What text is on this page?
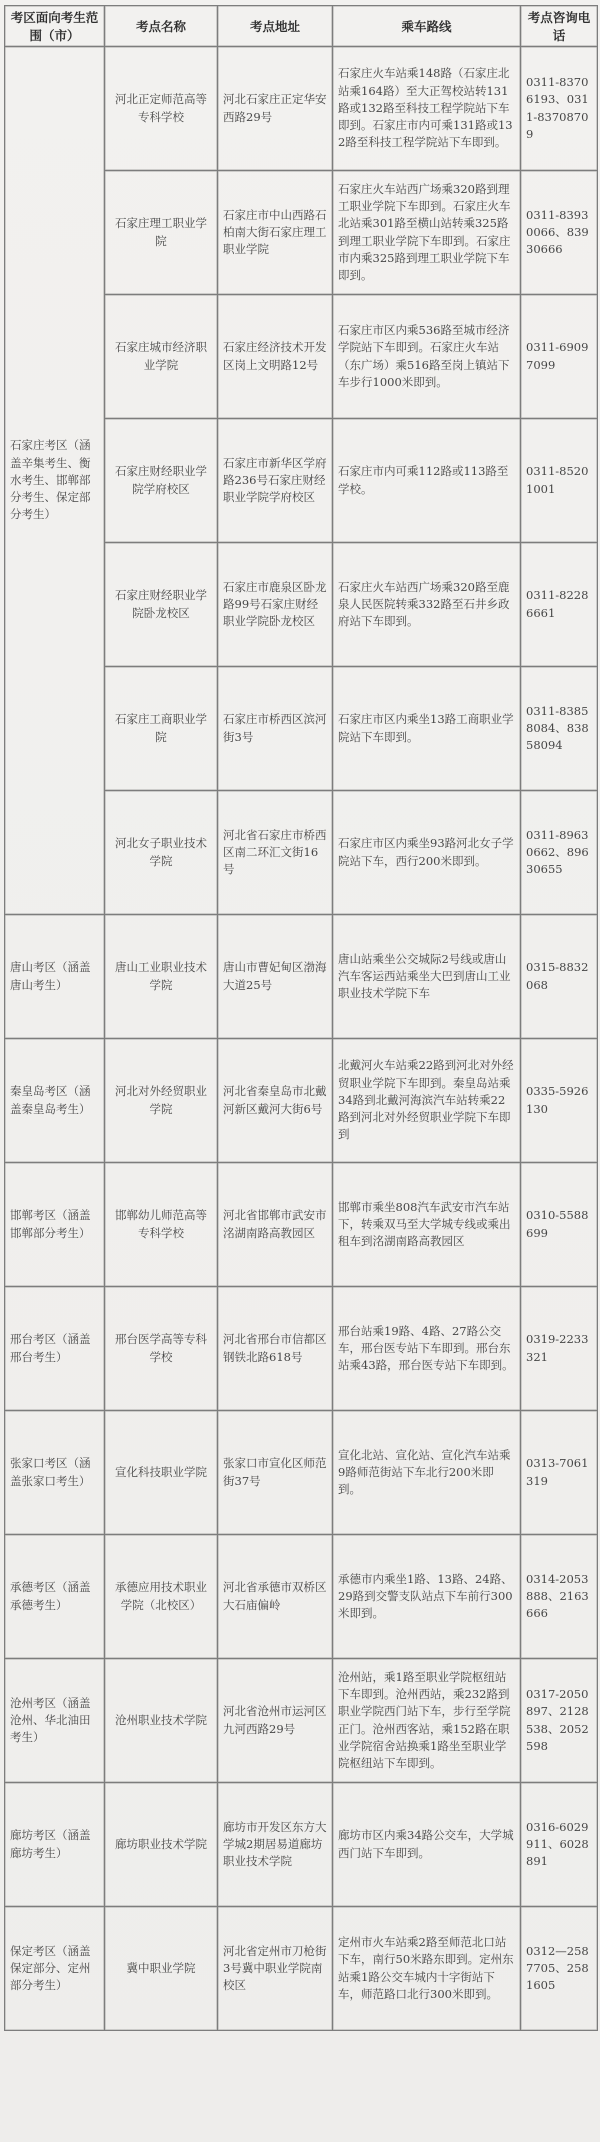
考区面向考生范围（市）	考点名称	考点地址	乘车路线	考点咨询电话

石家庄考区（涵盖辛集考生、衡水考生、邯郸部分考生、保定部分考生）	河北正定师范高等专科学校	河北石家庄正定华安西路29号	石家庄火车站乘148路（石家庄北站乘164路）至大正驾校站转131路或132路至科技工程学院站下车即到。石家庄市内可乘131路或132路至科技工程学院站下车即到。	0311-83706193、0311-83708709
	石家庄理工职业学院	石家庄市中山西路石柏南大街石家庄理工职业学院	石家庄火车站西广场乘320路到理工职业学院下车即到。石家庄火车北站乘301路至横山站转乘325路到理工职业学院下车即到。石家庄市内乘325路到理工职业学院下车即到。	0311-83930066、83930666
	石家庄城市经济职业学院	石家庄经济技术开发区岗上文明路12号	石家庄市区内乘536路至城市经济学院站下车即到。石家庄火车站（东广场）乘516路至岗上镇站下车步行1000米即到。	0311-69097099
	石家庄财经职业学院学府校区	石家庄市新华区学府路236号石家庄财经职业学院学府校区	石家庄市内可乘112路或113路至学校。	0311-85201001
	石家庄财经职业学院卧龙校区	石家庄市鹿泉区卧龙路99号石家庄财经职业学院卧龙校区	石家庄火车站西广场乘320路至鹿泉人民医院转乘332路至石井乡政府站下车即到。	0311-82286661
	石家庄工商职业学院	石家庄市桥西区滨河街3号	石家庄市区内乘坐13路工商职业学院站下车即到。	0311-83858084、83858094
	河北女子职业技术学院	河北省石家庄市桥西区南二环汇文街16号	石家庄市区内乘坐93路河北女子学院站下车，西行200米即到。	0311-89630662、89630655

唐山考区（涵盖唐山考生）	唐山工业职业技术学院	唐山市曹妃甸区渤海大道25号	唐山站乘坐公交城际2号线或唐山汽车客运西站乘坐大巴到唐山工业职业技术学院下车	0315-8832068

秦皇岛考区（涵盖秦皇岛考生）	河北对外经贸职业学院	河北省秦皇岛市北戴河新区戴河大街6号	北戴河火车站乘22路到河北对外经贸职业学院下车即到。秦皇岛站乘34路到北戴河海滨汽车站转乘22路到河北对外经贸职业学院下车即到	0335-5926130

邯郸考区（涵盖邯郸部分考生）	邯郸幼儿师范高等专科学校	河北省邯郸市武安市洺湖南路高教园区	邯郸市乘坐808汽车武安市汽车站下，转乘双马至大学城专线或乘出租车到洺湖南路高教园区	0310-5588699

邢台考区（涵盖邢台考生）	邢台医学高等专科学校	河北省邢台市信都区钢铁北路618号	邢台站乘19路、4路、27路公交车，邢台医专站下车即到。邢台东站乘43路，邢台医专站下车即到。	0319-2233321

张家口考区（涵盖张家口考生）	宣化科技职业学院	张家口市宣化区师范街37号	宣化北站、宣化站、宣化汽车站乘9路师范街站下车北行200米即到。	0313-7061319

承德考区（涵盖承德考生）	承德应用技术职业学院（北校区）	河北省承德市双桥区大石庙偏岭	承德市内乘坐1路、13路、24路、29路到交警支队站点下车前行300米即到。	0314-2053888、2163666

沧州考区（涵盖沧州、华北油田考生）	沧州职业技术学院	河北省沧州市运河区九河西路29号	沧州站，乘1路至职业学院枢纽站下车即到。沧州西站，乘232路到职业学院西门站下车，步行至学院正门。沧州西客站，乘152路在职业学院宿舍站换乘1路坐至职业学院枢纽站下车即到。	0317-2050897、2128538、2052598

廊坊考区（涵盖廊坊考生）	廊坊职业技术学院	廊坊市开发区东方大学城2期居易道廊坊职业技术学院	廊坊市区内乘34路公交车，大学城西门站下车即到。	0316-6029911、6028891

保定考区（涵盖保定部分、定州部分考生）	冀中职业学院	河北省定州市刀枪街3号冀中职业学院南校区	定州市火车站乘2路至师范北口站下车，南行50米路东即到。定州东站乘1路公交车城内十字街站下车，师范路口北行300米即到。	0312—2587705、2581605
